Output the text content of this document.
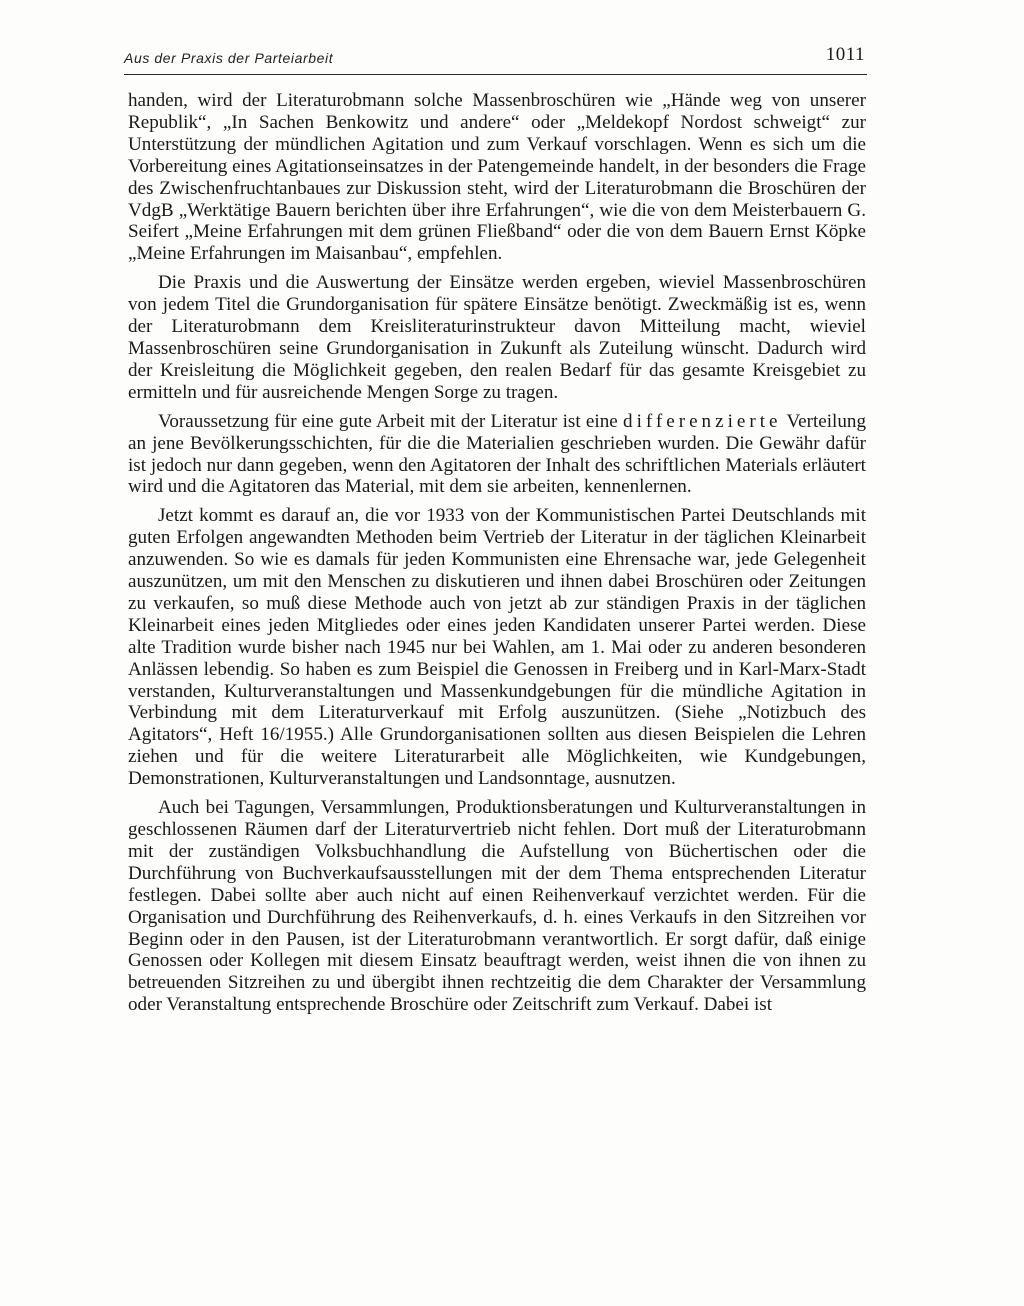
Aus der Praxis der Parteiarbeit	1011

handen, wird der Literaturobmann solche Massenbroschüren wie „Hände weg von unserer Republik“, „In Sachen Benkowitz und andere“ oder „Meldekopf Nordost schweigt“ zur Unterstützung der mündlichen Agitation und zum Verkauf vorschlagen. Wenn es sich um die Vorbereitung eines Agitationseinsatzes in der Patengemeinde handelt, in der besonders die Frage des Zwischenfruchtanbaues zur Diskussion steht, wird der Literaturobmann die Broschüren der VdgB „Werktätige Bauern berichten über ihre Erfahrungen“, wie die von dem Meisterbauern G. Seifert „Meine Erfahrungen mit dem grünen Fließband“ oder die von dem Bauern Ernst Köpke „Meine Erfahrungen im Maisanbau“, empfehlen.

Die Praxis und die Auswertung der Einsätze werden ergeben, wieviel Massenbroschüren von jedem Titel die Grundorganisation für spätere Einsätze benötigt. Zweckmäßig ist es, wenn der Literaturobmann dem Kreisliteraturinstrukteur davon Mitteilung macht, wieviel Massenbroschüren seine Grundorganisation in Zukunft als Zuteilung wünscht. Dadurch wird der Kreisleitung die Möglichkeit gegeben, den realen Bedarf für das gesamte Kreisgebiet zu ermitteln und für ausreichende Mengen Sorge zu tragen.

Voraussetzung für eine gute Arbeit mit der Literatur ist eine differenzierte Verteilung an jene Bevölkerungsschichten, für die die Materialien geschrieben wurden. Die Gewähr dafür ist jedoch nur dann gegeben, wenn den Agitatoren der Inhalt des schriftlichen Materials erläutert wird und die Agitatoren das Material, mit dem sie arbeiten, kennenlernen.

Jetzt kommt es darauf an, die vor 1933 von der Kommunistischen Partei Deutschlands mit guten Erfolgen angewandten Methoden beim Vertrieb der Literatur in der täglichen Kleinarbeit anzuwenden. So wie es damals für jeden Kommunisten eine Ehrensache war, jede Gelegenheit auszunützen, um mit den Menschen zu diskutieren und ihnen dabei Broschüren oder Zeitungen zu verkaufen, so muß diese Methode auch von jetzt ab zur ständigen Praxis in der täglichen Kleinarbeit eines jeden Mitgliedes oder eines jeden Kandidaten unserer Partei werden. Diese alte Tradition wurde bisher nach 1945 nur bei Wahlen, am 1. Mai oder zu anderen besonderen Anlässen lebendig. So haben es zum Beispiel die Genossen in Freiberg und in Karl-Marx-Stadt verstanden, Kulturveranstaltungen und Massenkundgebungen für die mündliche Agitation in Verbindung mit dem Literaturverkauf mit Erfolg auszunützen. (Siehe „Notizbuch des Agitators“, Heft 16/1955.) Alle Grundorganisationen sollten aus diesen Beispielen die Lehren ziehen und für die weitere Literaturarbeit alle Möglichkeiten, wie Kundgebungen, Demonstrationen, Kulturveranstaltungen und Landsonntage, ausnutzen.

Auch bei Tagungen, Versammlungen, Produktionsberatungen und Kulturveranstaltungen in geschlossenen Räumen darf der Literaturvertrieb nicht fehlen. Dort muß der Literaturobmann mit der zuständigen Volksbuchhandlung die Aufstellung von Büchertischen oder die Durchführung von Buchverkaufsausstellungen mit der dem Thema entsprechenden Literatur festlegen. Dabei sollte aber auch nicht auf einen Reihenverkauf verzichtet werden. Für die Organisation und Durchführung des Reihenverkaufs, d. h. eines Verkaufs in den Sitzreihen vor Beginn oder in den Pausen, ist der Literaturobmann verantwortlich. Er sorgt dafür, daß einige Genossen oder Kollegen mit diesem Einsatz beauftragt werden, weist ihnen die von ihnen zu betreuenden Sitzreihen zu und übergibt ihnen rechtzeitig die dem Charakter der Versammlung oder Veranstaltung entsprechende Broschüre oder Zeitschrift zum Verkauf. Dabei ist
